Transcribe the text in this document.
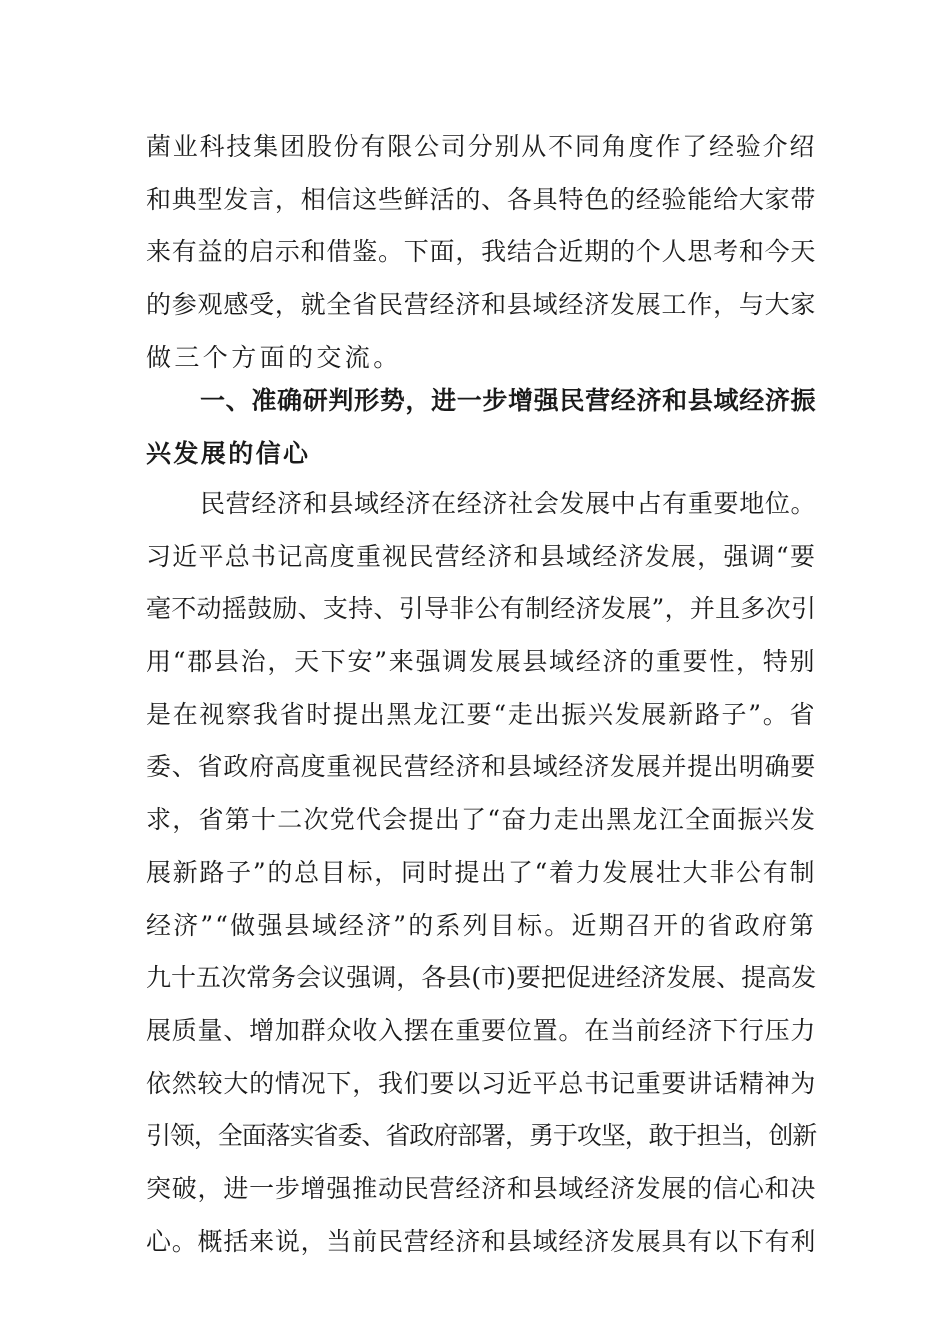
菌业科技集团股份有限公司分别从不同角度作了经验介绍
和典型发言，相信这些鲜活的、各具特色的经验能给大家带
来有益的启示和借鉴。下面，我结合近期的个人思考和今天
的参观感受，就全省民营经济和县域经济发展工作，与大家
做三个方面的交流。
一、准确研判形势，进一步增强民营经济和县域经济振
兴发展的信心
民营经济和县域经济在经济社会发展中占有重要地位。
习近平总书记高度重视民营经济和县域经济发展，强调“要
毫不动摇鼓励、支持、引导非公有制经济发展”，并且多次引
用“郡县治，天下安”来强调发展县域经济的重要性，特别
是在视察我省时提出黑龙江要“走出振兴发展新路子”。省
委、省政府高度重视民营经济和县域经济发展并提出明确要
求，省第十二次党代会提出了“奋力走出黑龙江全面振兴发
展新路子”的总目标，同时提出了“着力发展壮大非公有制
经济”“做强县域经济”的系列目标。近期召开的省政府第
九十五次常务会议强调，各县(市)要把促进经济发展、提高发
展质量、增加群众收入摆在重要位置。在当前经济下行压力
依然较大的情况下，我们要以习近平总书记重要讲话精神为
引领，全面落实省委、省政府部署，勇于攻坚，敢于担当，创新
突破，进一步增强推动民营经济和县域经济发展的信心和决
心。概括来说，当前民营经济和县域经济发展具有以下有利
